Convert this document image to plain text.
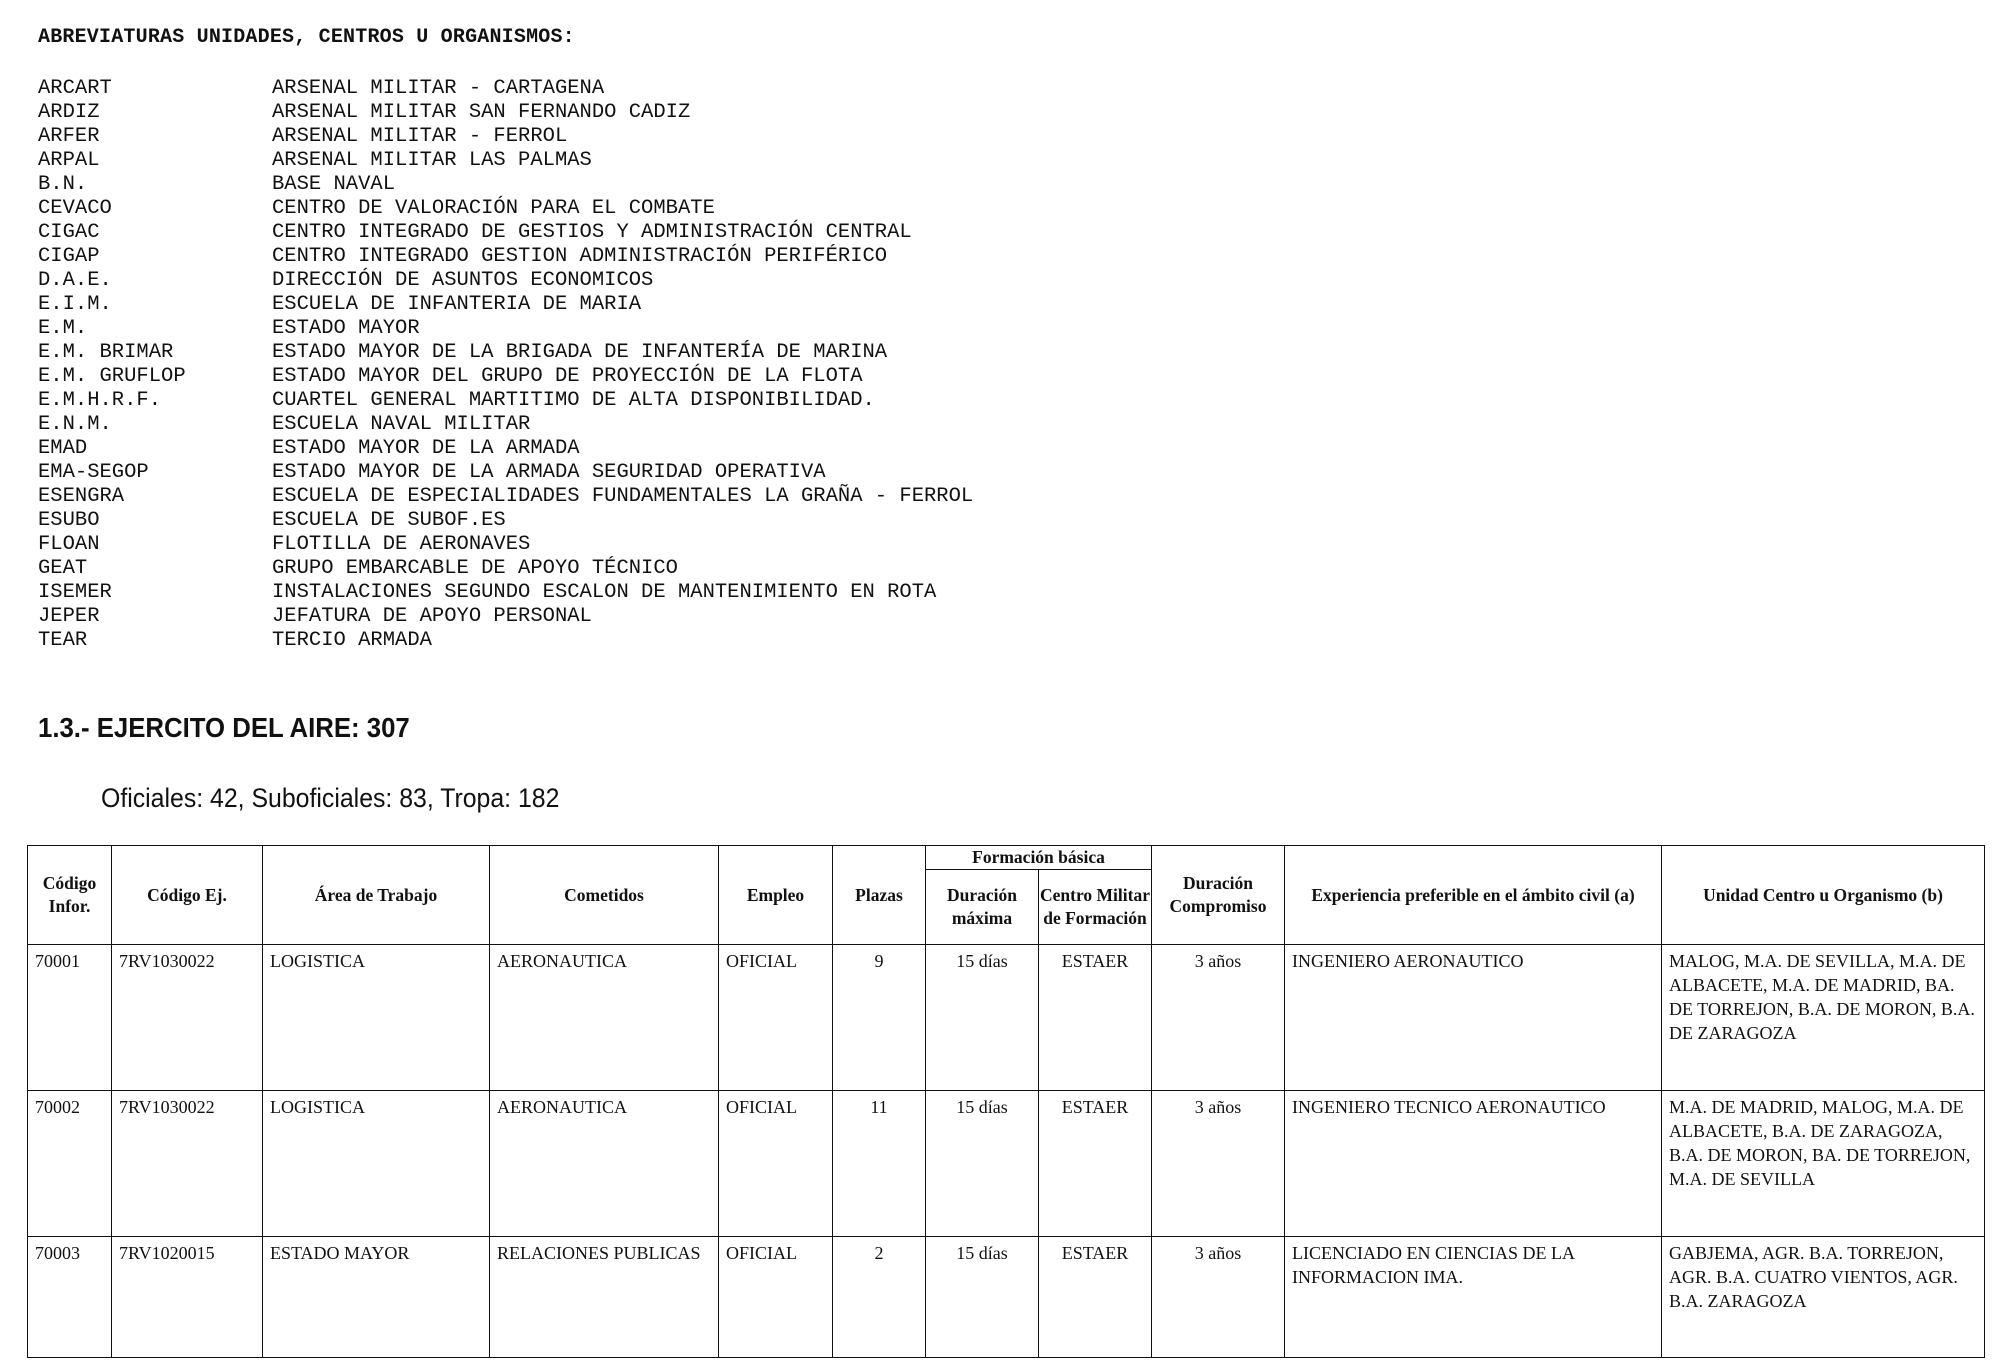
ABREVIATURAS UNIDADES, CENTROS U ORGANISMOS:
ARCART	ARSENAL MILITAR - CARTAGENA
ARDIZ	ARSENAL MILITAR SAN FERNANDO CADIZ
ARFER	ARSENAL MILITAR - FERROL
ARPAL	ARSENAL MILITAR LAS PALMAS
B.N.	BASE NAVAL
CEVACO	CENTRO DE VALORACIÓN PARA EL COMBATE
CIGAC	CENTRO INTEGRADO DE GESTIOS Y ADMINISTRACIÓN CENTRAL
CIGAP	CENTRO INTEGRADO GESTION ADMINISTRACIÓN PERIFÉRICO
D.A.E.	DIRECCIÓN DE ASUNTOS ECONOMICOS
E.I.M.	ESCUELA DE INFANTERIA DE MARIA
E.M.	ESTADO MAYOR
E.M. BRIMAR	ESTADO MAYOR DE LA BRIGADA DE INFANTERÍA DE MARINA
E.M. GRUFLOP	ESTADO MAYOR DEL GRUPO DE PROYECCIÓN DE LA FLOTA
E.M.H.R.F.	CUARTEL GENERAL MARTITIMO DE ALTA DISPONIBILIDAD.
E.N.M.	ESCUELA NAVAL MILITAR
EMAD	ESTADO MAYOR DE LA ARMADA
EMA-SEGOP	ESTADO MAYOR DE LA ARMADA SEGURIDAD OPERATIVA
ESENGRA	ESCUELA DE ESPECIALIDADES FUNDAMENTALES LA GRAÑA - FERROL
ESUBO	ESCUELA DE SUBOF.ES
FLOAN	FLOTILLA DE AERONAVES
GEAT	GRUPO EMBARCABLE DE APOYO TÉCNICO
ISEMER	INSTALACIONES SEGUNDO ESCALON DE MANTENIMIENTO EN ROTA
JEPER	JEFATURA DE APOYO PERSONAL
TEAR	TERCIO ARMADA
1.3.- EJERCITO DEL AIRE: 307
Oficiales: 42, Suboficiales: 83, Tropa: 182
Código Infor.	Código Ej.	Área de Trabajo	Cometidos	Empleo	Plazas	Formación básica		Duración Compromiso	Experiencia preferible en el ámbito civil (a)	Unidad Centro u Organismo (b)
						Duración máxima	Centro Militar de Formación			
70001	7RV1030022	LOGISTICA	AERONAUTICA	OFICIAL	9	15 días	ESTAER	3 años	INGENIERO AERONAUTICO	MALOG, M.A. DE SEVILLA, M.A. DE ALBACETE, M.A. DE MADRID, BA. DE TORREJON, B.A. DE MORON, B.A. DE ZARAGOZA
70002	7RV1030022	LOGISTICA	AERONAUTICA	OFICIAL	11	15 días	ESTAER	3 años	INGENIERO TECNICO AERONAUTICO	M.A. DE MADRID, MALOG, M.A. DE ALBACETE, B.A. DE ZARAGOZA, B.A. DE MORON, BA. DE TORREJON, M.A. DE SEVILLA
70003	7RV1020015	ESTADO MAYOR	RELACIONES PUBLICAS	OFICIAL	2	15 días	ESTAER	3 años	LICENCIADO EN CIENCIAS DE LA INFORMACION IMA.	GABJEMA, AGR. B.A. TORREJON, AGR. B.A. CUATRO VIENTOS, AGR. B.A. ZARAGOZA
